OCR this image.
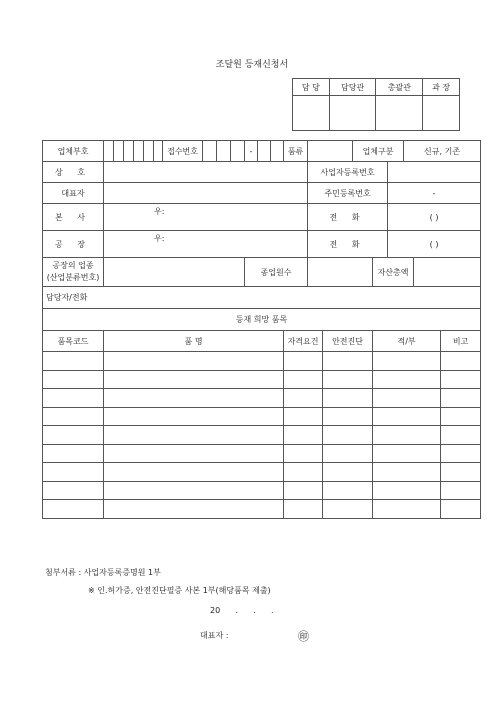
조달원 등재신청서
담 당	담당관	총괄관	과 장

업체부호							접수번호				-			품류			업체구분			신규, 기존		
상 호															사업자등록번호							
대표자															주민등록번호				-			
본 사	우:														전 화				( )			
공 장	우:														전 화				( )			

공장의 업종
(산업분류번호)											종업원수							자산총액				
담당자/전화																						
등재 희망 품목																						
품목코드	품 명													자격요건		안전진단		적/부				비고

첨부서류 : 사업자등록증명원 1부
※ 인.허가증, 안전진단필증 사본 1부(해당품목 제출)
20      .      .      .
대표자 :	㊞
